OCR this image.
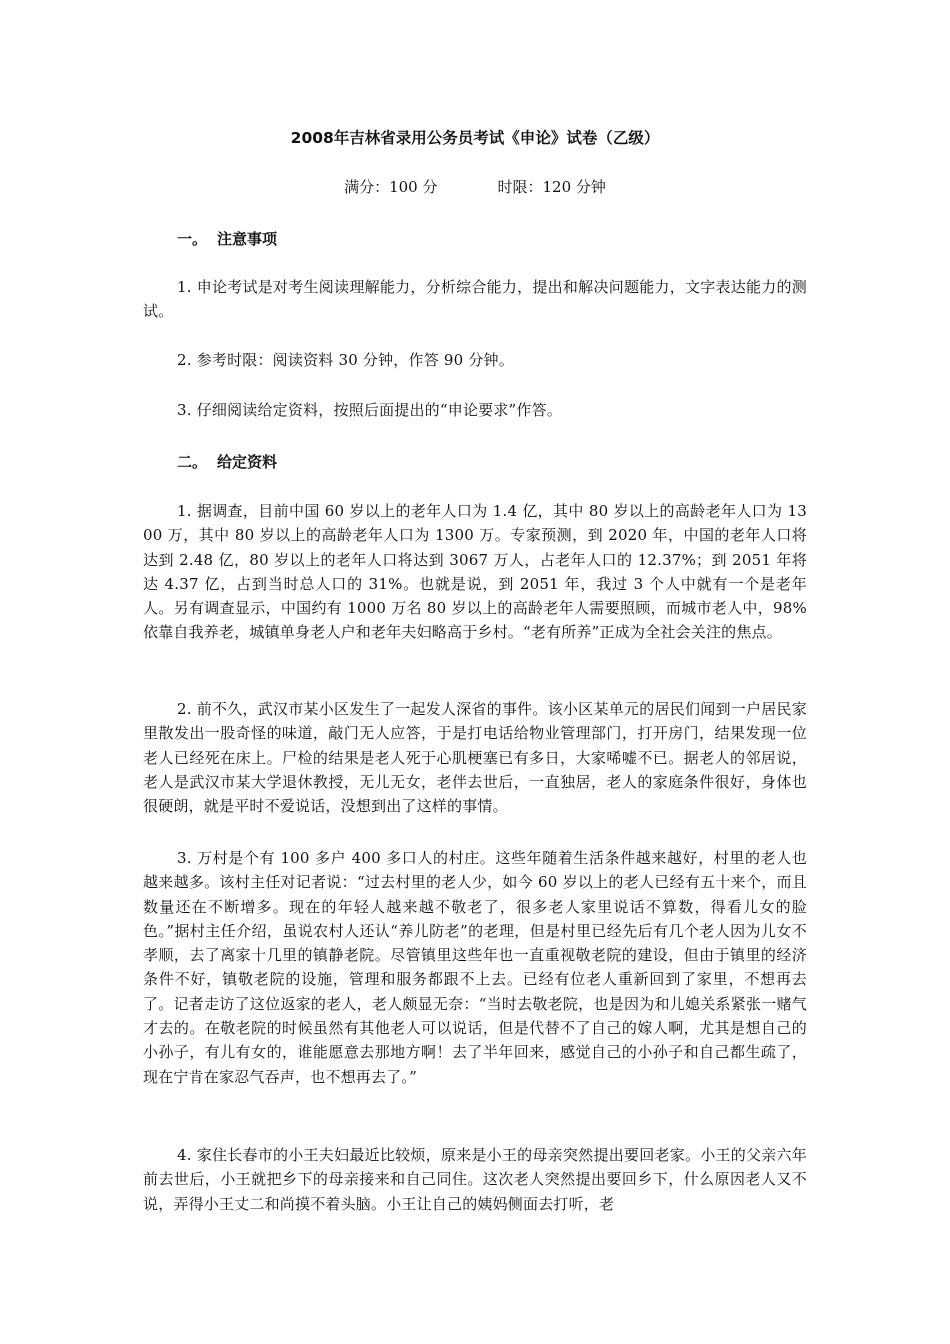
2008年吉林省录用公务员考试《申论》试卷（乙级）
满分：100 分	时限：120 分钟
一。 注意事项
1. 申论考试是对考生阅读理解能力，分析综合能力，提出和解决问题能力，文字表达能力的测试。
2. 参考时限：阅读资料 30 分钟，作答 90 分钟。
3. 仔细阅读给定资料，按照后面提出的“申论要求”作答。
二。 给定资料
1. 据调查，目前中国 60 岁以上的老年人口为 1.4 亿，其中 80 岁以上的高龄老年人口为 1300 万，其中 80 岁以上的高龄老年人口为 1300 万。专家预测，到 2020 年，中国的老年人口将达到 2.48 亿，80 岁以上的老年人口将达到 3067 万人，占老年人口的 12.37%；到 2051 年将达 4.37 亿，占到当时总人口的 31%。也就是说，到 2051 年，我过 3 个人中就有一个是老年人。另有调查显示，中国约有 1000 万名 80 岁以上的高龄老年人需要照顾，而城市老人中，98%依靠自我养老，城镇单身老人户和老年夫妇略高于乡村。“老有所养”正成为全社会关注的焦点。
2. 前不久，武汉市某小区发生了一起发人深省的事件。该小区某单元的居民们闻到一户居民家里散发出一股奇怪的味道，敲门无人应答，于是打电话给物业管理部门，打开房门，结果发现一位老人已经死在床上。尸检的结果是老人死于心肌梗塞已有多日，大家唏嘘不已。据老人的邻居说，老人是武汉市某大学退休教授，无儿无女，老伴去世后，一直独居，老人的家庭条件很好，身体也很硬朗，就是平时不爱说话，没想到出了这样的事情。
3. 万村是个有 100 多户 400 多口人的村庄。这些年随着生活条件越来越好，村里的老人也越来越多。该村主任对记者说：“过去村里的老人少，如今 60 岁以上的老人已经有五十来个，而且数量还在不断增多。现在的年轻人越来越不敬老了，很多老人家里说话不算数，得看儿女的脸色。”据村主任介绍，虽说农村人还认“养儿防老”的老理，但是村里已经先后有几个老人因为儿女不孝顺，去了离家十几里的镇静老院。尽管镇里这些年也一直重视敬老院的建设，但由于镇里的经济条件不好，镇敬老院的设施，管理和服务都跟不上去。已经有位老人重新回到了家里，不想再去了。记者走访了这位返家的老人，老人颇显无奈：“当时去敬老院，也是因为和儿媳关系紧张一赌气才去的。在敬老院的时候虽然有其他老人可以说话，但是代替不了自己的嫁人啊，尤其是想自己的小孙子，有儿有女的，谁能愿意去那地方啊！去了半年回来，感觉自己的小孙子和自己都生疏了，现在宁肯在家忍气吞声，也不想再去了。”
4. 家住长春市的小王夫妇最近比较烦，原来是小王的母亲突然提出要回老家。小王的父亲六年前去世后，小王就把乡下的母亲接来和自己同住。这次老人突然提出要回乡下，什么原因老人又不说，弄得小王丈二和尚摸不着头脑。小王让自己的姨妈侧面去打听，老
